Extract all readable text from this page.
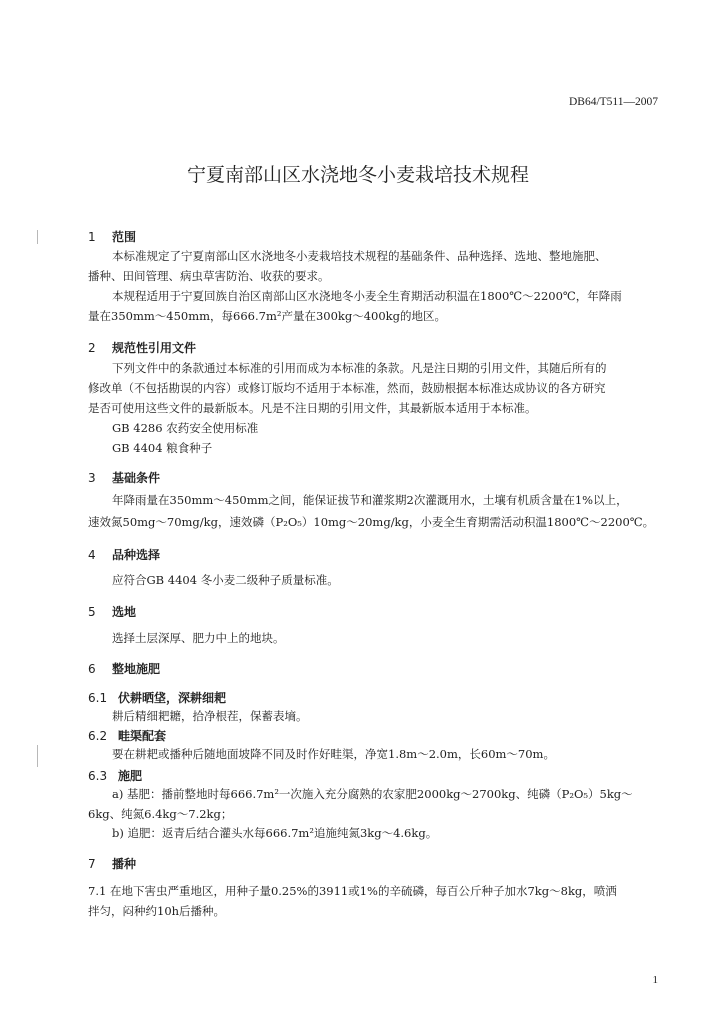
DB64/T511—2007
宁夏南部山区水浇地冬小麦栽培技术规程
1 范围
本标准规定了宁夏南部山区水浇地冬小麦栽培技术规程的基础条件、品种选择、选地、整地施肥、
播种、田间管理、病虫草害防治、收获的要求。
本规程适用于宁夏回族自治区南部山区水浇地冬小麦全生育期活动积温在1800℃～2200℃，年降雨
量在350mm～450mm，每666.7m²产量在300kg～400kg的地区。
2 规范性引用文件
下列文件中的条款通过本标准的引用而成为本标准的条款。凡是注日期的引用文件，其随后所有的
修改单（不包括勘误的内容）或修订版均不适用于本标准，然而，鼓励根据本标准达成协议的各方研究
是否可使用这些文件的最新版本。凡是不注日期的引用文件，其最新版本适用于本标准。
GB 4286 农药安全使用标准
GB 4404 粮食种子
3 基础条件
年降雨量在350mm～450mm之间，能保证拔节和灌浆期2次灌溉用水，土壤有机质含量在1%以上，
速效氮50mg～70mg/kg，速效磷（P₂O₅）10mg～20mg/kg，小麦全生育期需活动积温1800℃～2200℃。
4 品种选择
应符合GB 4404 冬小麦二级种子质量标准。
5 选地
选择土层深厚、肥力中上的地块。
6 整地施肥
6.1 伏耕晒垡，深耕细耙
耕后精细耙耱，拾净根茬，保蓄表墒。
6.2 畦渠配套
要在耕耙或播种后随地面坡降不同及时作好畦渠，净宽1.8m～2.0m，长60m～70m。
6.3 施肥
a) 基肥：播前整地时每666.7m²一次施入充分腐熟的农家肥2000kg～2700kg、纯磷（P₂O₅）5kg～
6kg、纯氮6.4kg～7.2kg；
b) 追肥：返青后结合灌头水每666.7m²追施纯氮3kg～4.6kg。
7 播种
7.1 在地下害虫严重地区，用种子量0.25%的3911或1%的辛硫磷，每百公斤种子加水7kg～8kg，喷洒
拌匀，闷种约10h后播种。
1
